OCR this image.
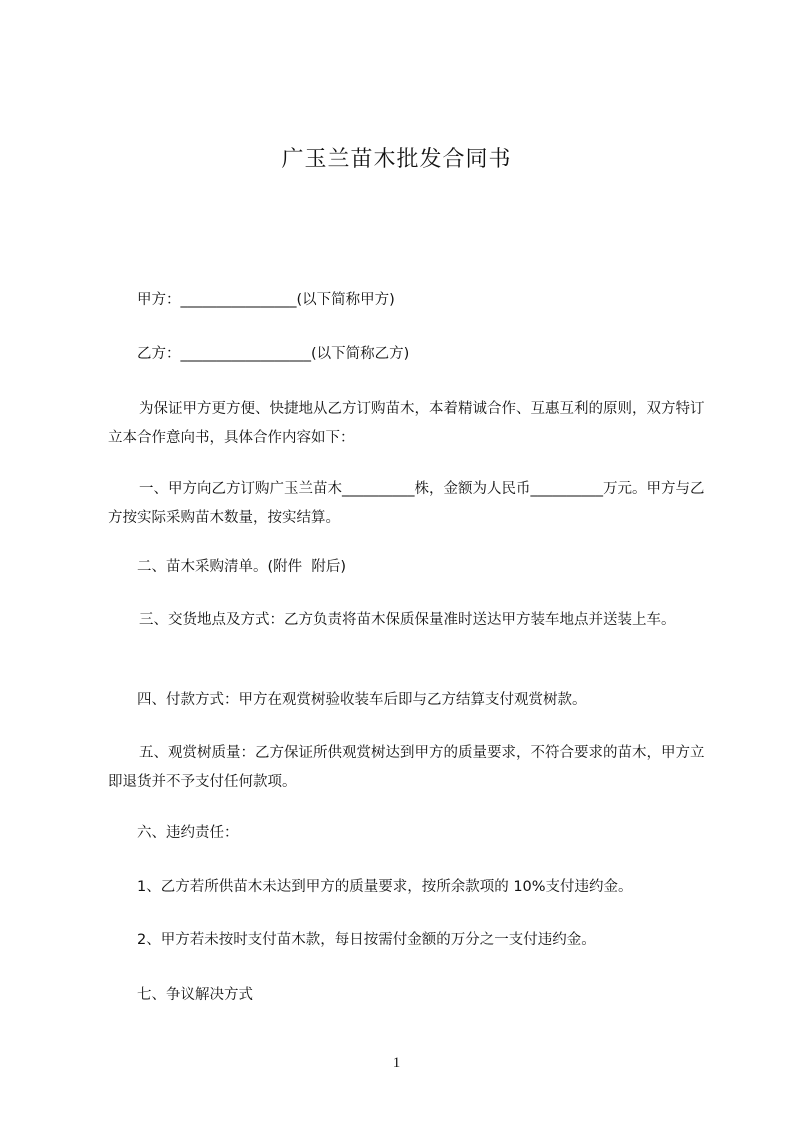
广玉兰苗木批发合同书

甲方：________________(以下简称甲方)

乙方：__________________(以下简称乙方)

为保证甲方更方便、快捷地从乙方订购苗木，本着精诚合作、互惠互利的原则，双方特订立本合作意向书，具体合作内容如下：

一、甲方向乙方订购广玉兰苗木__________株，金额为人民币__________万元。甲方与乙方按实际采购苗木数量，按实结算。

二、苗木采购清单。(附件  附后)

三、交货地点及方式：乙方负责将苗木保质保量准时送达甲方装车地点并送装上车。

四、付款方式：甲方在观赏树验收装车后即与乙方结算支付观赏树款。

五、观赏树质量：乙方保证所供观赏树达到甲方的质量要求，不符合要求的苗木，甲方立即退货并不予支付任何款项。

六、违约责任：

1、乙方若所供苗木未达到甲方的质量要求，按所余款项的 10%支付违约金。

2、甲方若未按时支付苗木款，每日按需付金额的万分之一支付违约金。

七、争议解决方式

1
